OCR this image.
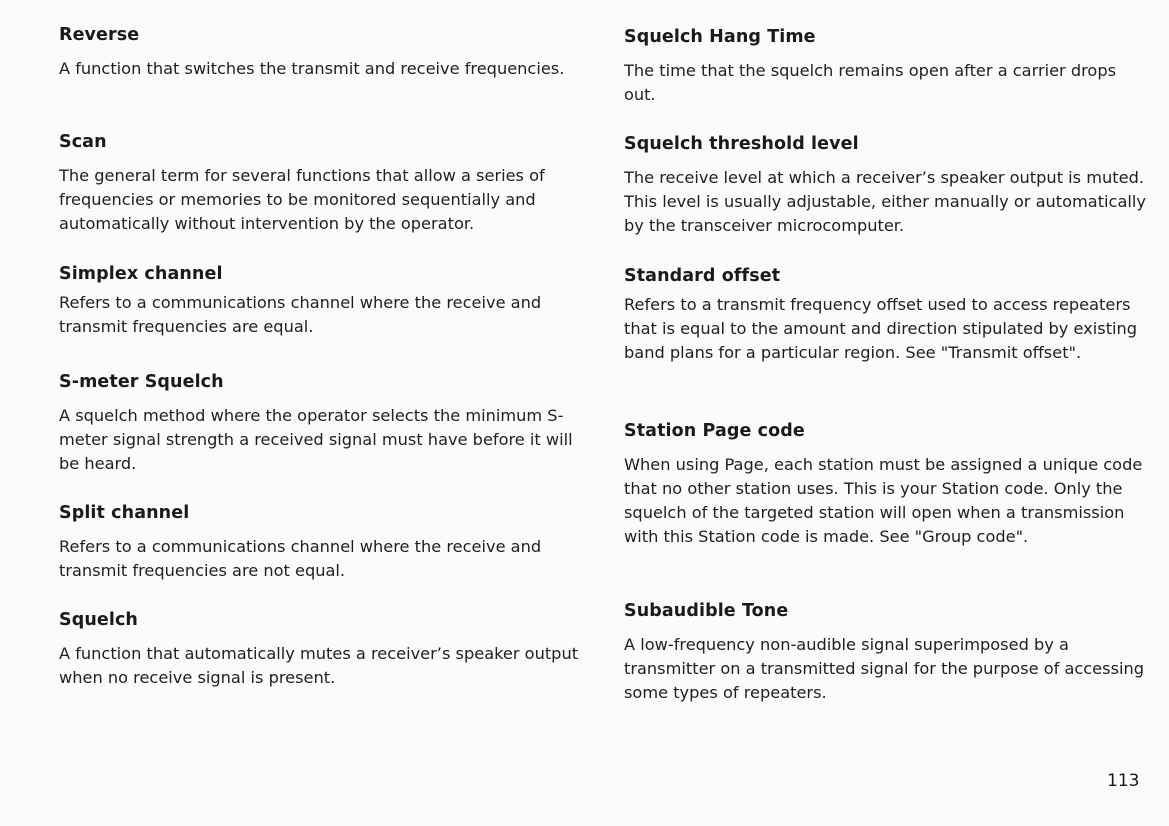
Reverse
A function that switches the transmit and receive frequencies.
Scan
The general term for several functions that allow a series of frequencies or memories to be monitored sequentially and automatically without intervention by the operator.
Simplex channel
Refers to a communications channel where the receive and transmit frequencies are equal.
S-meter Squelch
A squelch method where the operator selects the minimum S-meter signal strength a received signal must have before it will be heard.
Split channel
Refers to a communications channel where the receive and transmit frequencies are not equal.
Squelch
A function that automatically mutes a receiver’s speaker output when no receive signal is present.
Squelch Hang Time
The time that the squelch remains open after a carrier drops out.
Squelch threshold level
The receive level at which a receiver’s speaker output is muted. This level is usually adjustable, either manually or automatically by the transceiver microcomputer.
Standard offset
Refers to a transmit frequency offset used to access repeaters that is equal to the amount and direction stipulated by existing band plans for a particular region. See "Transmit offset".
Station Page code
When using Page, each station must be assigned a unique code that no other station uses. This is your Station code. Only the squelch of the targeted station will open when a transmission with this Station code is made. See "Group code".
Subaudible Tone
A low-frequency non-audible signal superimposed by a transmitter on a transmitted signal for the purpose of accessing some types of repeaters.
113
